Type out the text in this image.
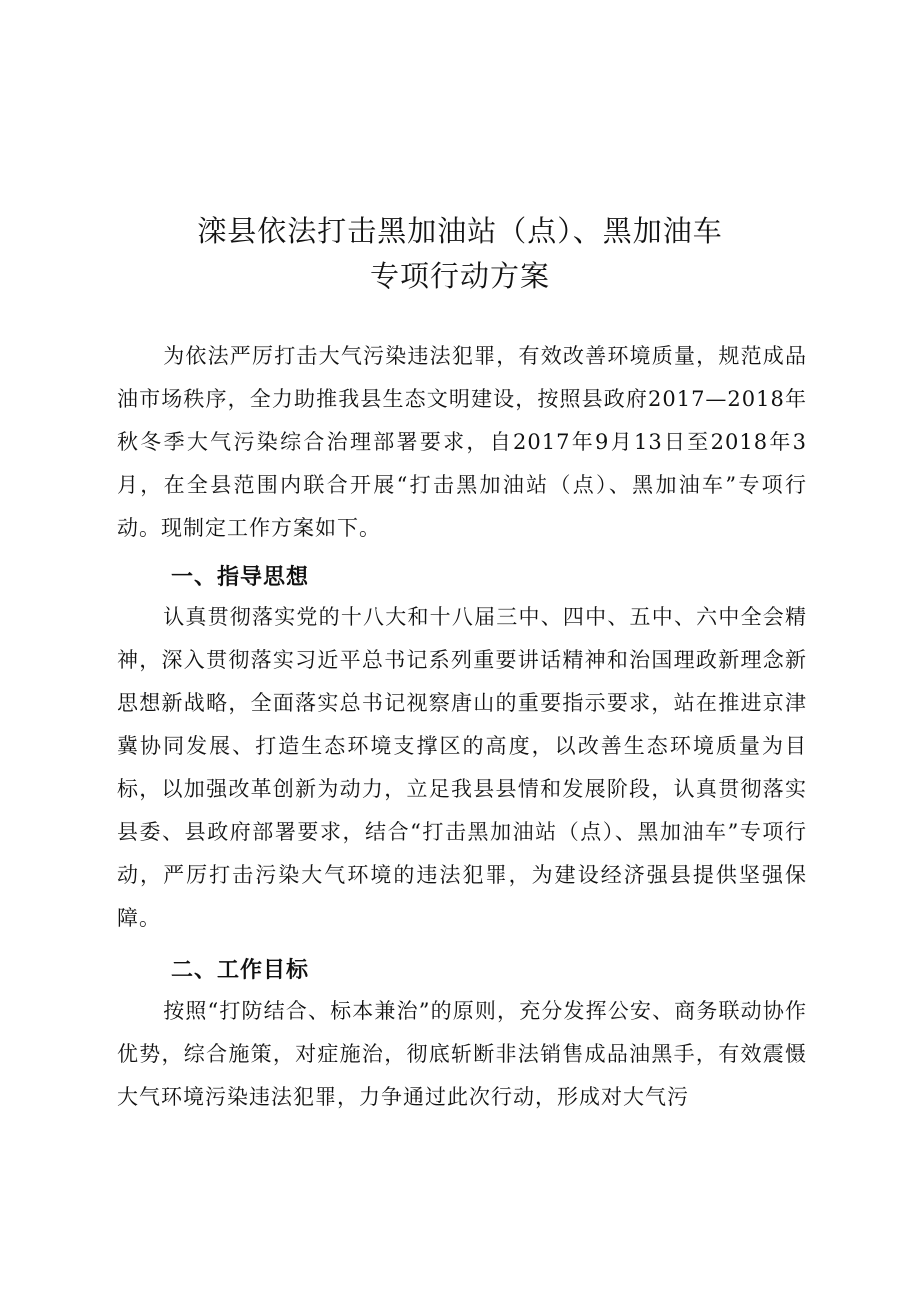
滦县依法打击黑加油站（点）、黑加油车
专项行动方案

为依法严厉打击大气污染违法犯罪，有效改善环境质量，规范成品油市场秩序，全力助推我县生态文明建设，按照县政府2017—2018年秋冬季大气污染综合治理部署要求，自2017年9月13日至2018年3月，在全县范围内联合开展“打击黑加油站（点）、黑加油车”专项行动。现制定工作方案如下。

一、指导思想

认真贯彻落实党的十八大和十八届三中、四中、五中、六中全会精神，深入贯彻落实习近平总书记系列重要讲话精神和治国理政新理念新思想新战略，全面落实总书记视察唐山的重要指示要求，站在推进京津冀协同发展、打造生态环境支撑区的高度，以改善生态环境质量为目标，以加强改革创新为动力，立足我县县情和发展阶段，认真贯彻落实县委、县政府部署要求，结合“打击黑加油站（点）、黑加油车”专项行动，严厉打击污染大气环境的违法犯罪，为建设经济强县提供坚强保障。

二、工作目标

按照“打防结合、标本兼治”的原则，充分发挥公安、商务联动协作优势，综合施策，对症施治，彻底斩断非法销售成品油黑手，有效震慑大气环境污染违法犯罪，力争通过此次行动，形成对大气污
